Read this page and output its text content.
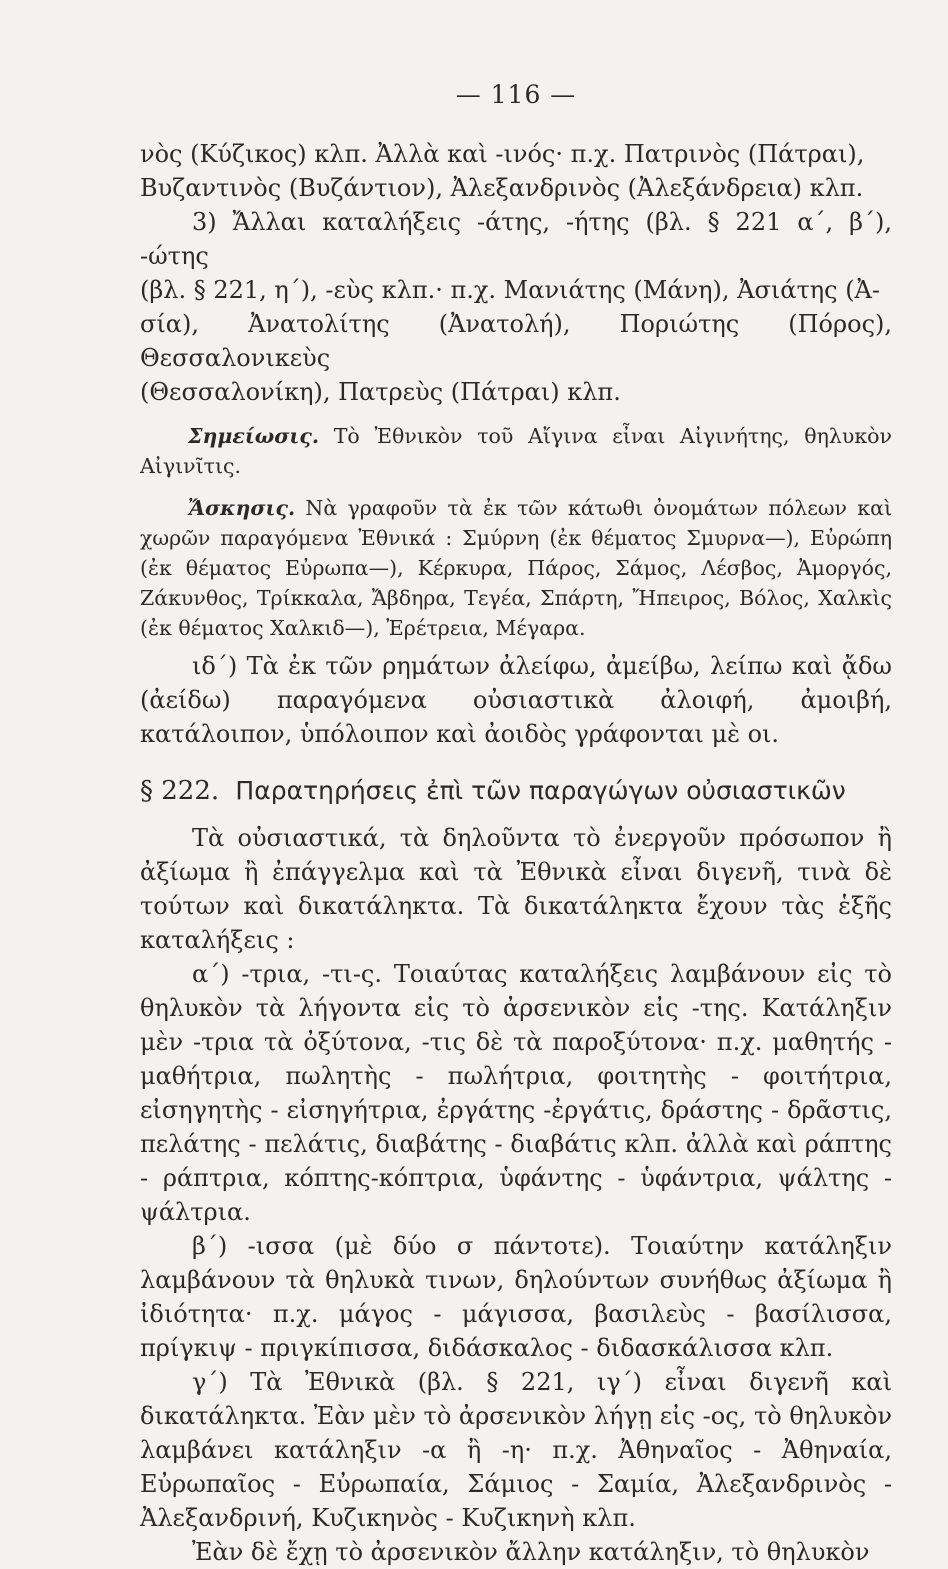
— 116 —

νὸς (Κύζικος) κλπ. Ἀλλὰ καὶ -ινός· π.χ. Πατρινὸς (Πάτραι),

Βυζαντινὸς (Βυζάντιον), Ἀλεξανδρινὸς (Ἀλεξάνδρεια) κλπ.

3) Ἄλλαι καταλήξεις -άτης, -ήτης (βλ. § 221 α΄, β΄), -ώτης

(βλ. § 221, η΄), -εὺς κλπ.· π.χ. Μανιάτης (Μάνη), Ἀσιάτης (Ἀ-

σία), Ἀνατολίτης (Ἀνατολή), Ποριώτης (Πόρος), Θεσσαλονικεὺς

(Θεσσαλονίκη), Πατρεὺς (Πάτραι) κλπ.

Σημείωσις. Τὸ Ἐθνικὸν τοῦ Αἴγινα εἶναι Αἰγινήτης, θηλυκὸν Αἰγινῖτις.

Ἄσκησις. Νὰ γραφοῦν τὰ ἐκ τῶν κάτωθι ὀνομάτων πόλεων καὶ χωρῶν παραγόμενα Ἐθνικά : Σμύρνη (ἐκ θέματος Σμυρνα—), Εὐρώπη (ἐκ θέματος Εὐρωπα—), Κέρκυρα, Πάρος, Σάμος, Λέσβος, Ἀμοργός, Ζάκυνθος, Τρίκκαλα, Ἄβδηρα, Τεγέα, Σπάρτη, Ἤπειρος, Βόλος, Χαλκὶς (ἐκ θέματος Χαλκιδ—), Ἐρέτρεια, Μέγαρα.

ιδ΄) Τὰ ἐκ τῶν ρημάτων ἀλείφω, ἀμείβω, λείπω καὶ ᾄδω (ἀείδω) παραγόμενα οὐσιαστικὰ ἀλοιφή, ἀμοιβή, κατάλοιπον, ὑπόλοιπον καὶ ἀοιδὸς γράφονται μὲ οι.

§ 222. Παρατηρήσεις ἐπὶ τῶν παραγώγων οὐσιαστικῶν

Τὰ οὐσιαστικά, τὰ δηλοῦντα τὸ ἐνεργοῦν πρόσωπον ἢ ἀξίωμα ἢ ἐπάγγελμα καὶ τὰ Ἐθνικὰ εἶναι διγενῆ, τινὰ δὲ τούτων καὶ δικατάληκτα. Τὰ δικατάληκτα ἔχουν τὰς ἑξῆς καταλήξεις :

α΄) -τρια, -τι-ς. Τοιαύτας καταλήξεις λαμβάνουν εἰς τὸ θηλυκὸν τὰ λήγοντα εἰς τὸ ἀρσενικὸν εἰς -της. Κατάληξιν μὲν -τρια τὰ ὀξύτονα, -τις δὲ τὰ παροξύτονα· π.χ. μαθητής - μαθήτρια, πωλητὴς - πωλήτρια, φοιτητὴς - φοιτήτρια, εἰσηγητὴς - εἰσηγήτρια, ἐργάτης -ἐργάτις, δράστης - δρᾶστις, πελάτης - πελάτις, διαβάτης - διαβάτις κλπ. ἀλλὰ καὶ ράπτης - ράπτρια, κόπτης-κόπτρια, ὑφάντης - ὑφάντρια, ψάλτης - ψάλτρια.

β΄) -ισσα (μὲ δύο σ πάντοτε). Τοιαύτην κατάληξιν λαμβάνουν τὰ θηλυκὰ τινων, δηλούντων συνήθως ἀξίωμα ἢ ἰδιότητα· π.χ. μάγος - μάγισσα, βασιλεὺς - βασίλισσα, πρίγκιψ - πριγκίπισσα, διδάσκαλος - διδασκάλισσα κλπ.

γ΄) Τὰ Ἐθνικὰ (βλ. § 221, ιγ΄) εἶναι διγενῆ καὶ δικατάληκτα. Ἐὰν μὲν τὸ ἀρσενικὸν λήγῃ εἰς -ος, τὸ θηλυκὸν λαμβάνει κατάληξιν -α ἢ -η· π.χ. Ἀθηναῖος - Ἀθηναία, Εὐρωπαῖος - Εὐρωπαία, Σάμιος - Σαμία, Ἀλεξανδρινὸς - Ἀλεξανδρινή, Κυζικηνὸς - Κυζικηνὴ κλπ.

Ἐὰν δὲ ἔχῃ τὸ ἀρσενικὸν ἄλλην κατάληξιν, τὸ θηλυκὸν
